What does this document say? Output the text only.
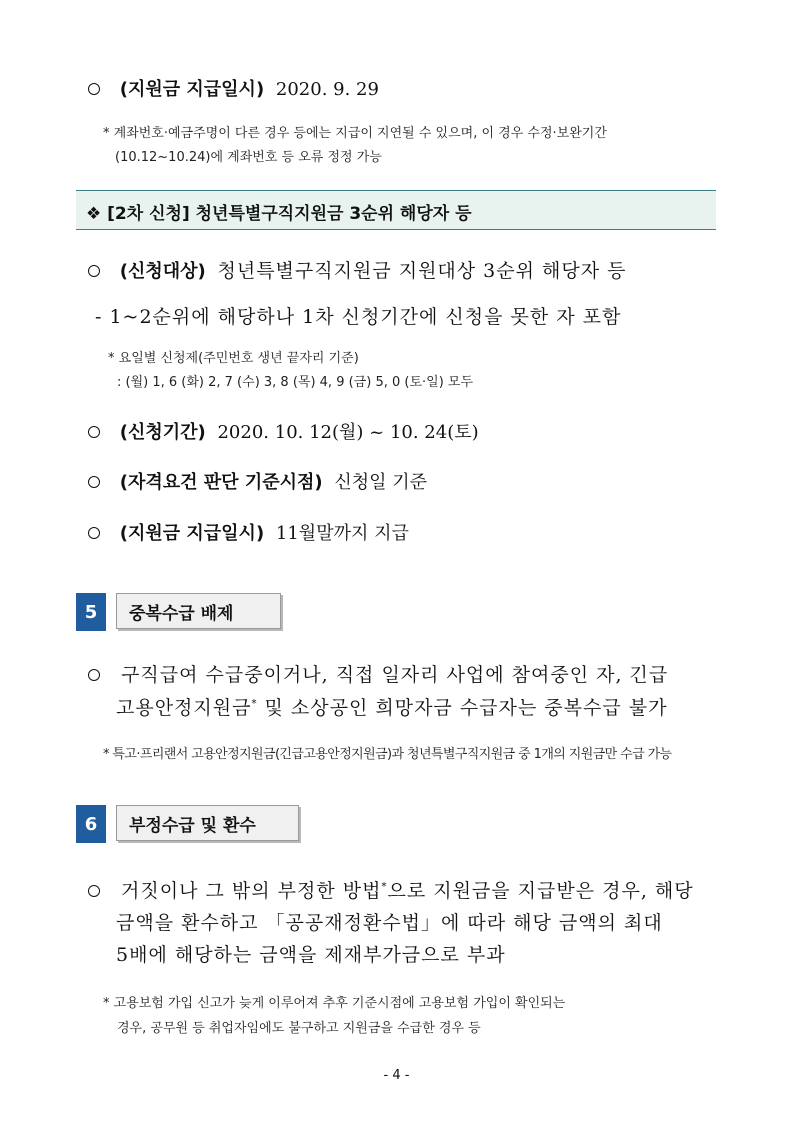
(지원금 지급일시) 2020. 9. 29
* 계좌번호·예금주명이 다른 경우 등에는 지급이 지연될 수 있으며, 이 경우 수정·보완기간
(10.12~10.24)에 계좌번호 등 오류 정정 가능
❖ [2차 신청] 청년특별구직지원금 3순위 해당자 등
(신청대상) 청년특별구직지원금 지원대상 3순위 해당자 등
- 1~2순위에 해당하나 1차 신청기간에 신청을 못한 자 포함
* 요일별 신청제(주민번호 생년 끝자리 기준)
: (월) 1, 6 (화) 2, 7 (수) 3, 8 (목) 4, 9 (금) 5, 0 (토·일) 모두
(신청기간) 2020. 10. 12(월) ~ 10. 24(토)
(자격요건 판단 기준시점) 신청일 기준
(지원금 지급일시) 11월말까지 지급
5	중복수급 배제
구직급여 수급중이거나, 직접 일자리 사업에 참여중인 자, 긴급
고용안정지원금* 및 소상공인 희망자금 수급자는 중복수급 불가
* 특고·프리랜서 고용안정지원금(긴급고용안정지원금)과 청년특별구직지원금 중 1개의 지원금만 수급 가능
6	부정수급 및 환수
거짓이나 그 밖의 부정한 방법*으로 지원금을 지급받은 경우, 해당
금액을 환수하고 「공공재정환수법」에 따라 해당 금액의 최대
5배에 해당하는 금액을 제재부가금으로 부과
* 고용보험 가입 신고가 늦게 이루어져 추후 기준시점에 고용보험 가입이 확인되는
경우, 공무원 등 취업자임에도 불구하고 지원금을 수급한 경우 등
- 4 -
